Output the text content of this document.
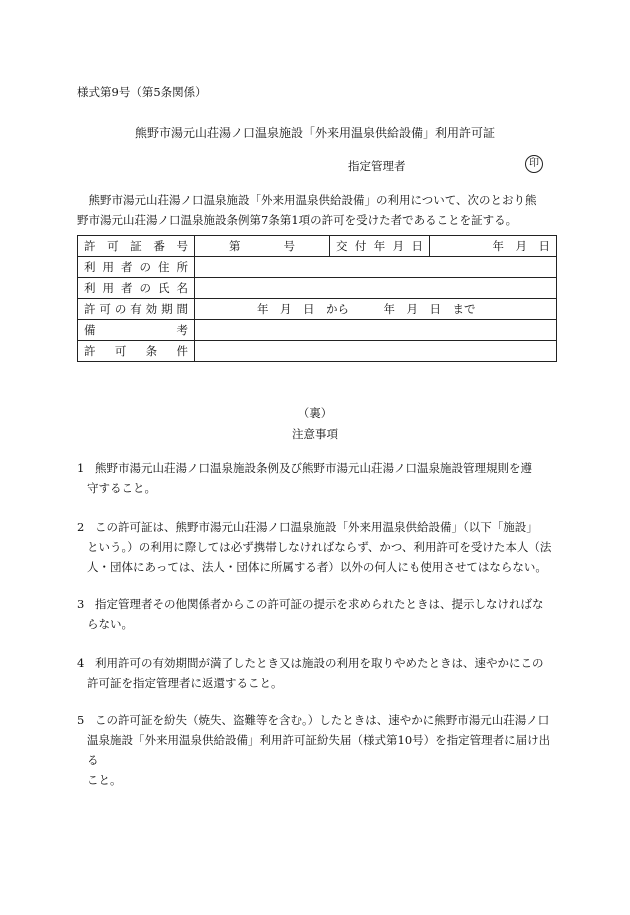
様式第9号（第5条関係）
熊野市湯元山荘湯ノ口温泉施設「外来用温泉供給設備」利用許可証
指定管理者	印

熊野市湯元山荘湯ノ口温泉施設「外来用温泉供給設備」の利用について、次のとおり熊

野市湯元山荘湯ノ口温泉施設条例第7条第1項の許可を受けた者であることを証する。

許可証番号	第 号	交付年月日	年　月　日
利用者の住所			
利用者の氏名			
許可の有効期間	年　月　日　から　　　年　月　日　まで		
備考			
許可条件			
（裏）
注意事項
1 熊野市湯元山荘湯ノ口温泉施設条例及び熊野市湯元山荘湯ノ口温泉施設管理規則を遵
守すること。
2 この許可証は、熊野市湯元山荘湯ノ口温泉施設「外来用温泉供給設備」（以下「施設」
という。）の利用に際しては必ず携帯しなければならず、かつ、利用許可を受けた本人（法
人・団体にあっては、法人・団体に所属する者）以外の何人にも使用させてはならない。
3 指定管理者その他関係者からこの許可証の提示を求められたときは、提示しなければな
らない。
4 利用許可の有効期間が満了したとき又は施設の利用を取りやめたときは、速やかにこの
許可証を指定管理者に返還すること。
5 この許可証を紛失（焼失、盗難等を含む。）したときは、速やかに熊野市湯元山荘湯ノ口
温泉施設「外来用温泉供給設備」利用許可証紛失届（様式第10号）を指定管理者に届け出る
こと。
